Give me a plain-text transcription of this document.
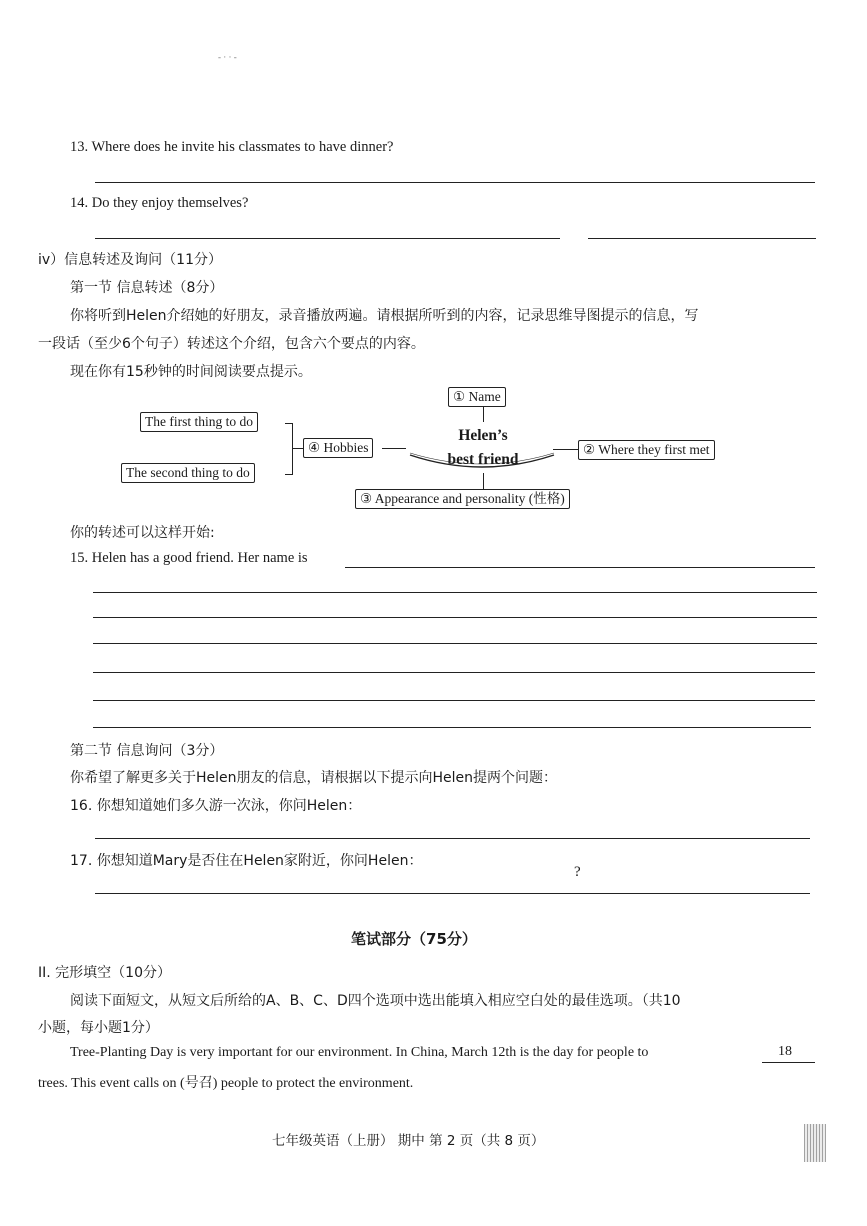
- · · -
13. Where does he invite his classmates to have dinner?
14. Do they enjoy themselves?
iv）信息转述及询问（11分）
第一节 信息转述（8分）
你将听到Helen介绍她的好朋友，录音播放两遍。请根据所听到的内容，记录思维导图提示的信息，写
一段话（至少6个句子）转述这个介绍，包含六个要点的内容。
现在你有15秒钟的时间阅读要点提示。
Helen’s
best friend
① Name
② Where they first met
③ Appearance and personality (性格)
④ Hobbies
The first thing to do
The second thing to do
你的转述可以这样开始:
15. Helen has a good friend. Her name is
第二节 信息询问（3分）
你希望了解更多关于Helen朋友的信息，请根据以下提示向Helen提两个问题：
16. 你想知道她们多久游一次泳，你问Helen：
17. 你想知道Mary是否住在Helen家附近，你问Helen：
?
笔试部分（75分）
II. 完形填空（10分）
阅读下面短文，从短文后所给的A、B、C、D四个选项中选出能填入相应空白处的最佳选项。（共10
小题，每小题1分）
Tree-Planting Day is very important for our environment. In China, March 12th is the day for people to	18
trees. This event calls on (号召) people to protect the environment.
七年级英语（上册） 期中 第 2 页（共 8 页）
